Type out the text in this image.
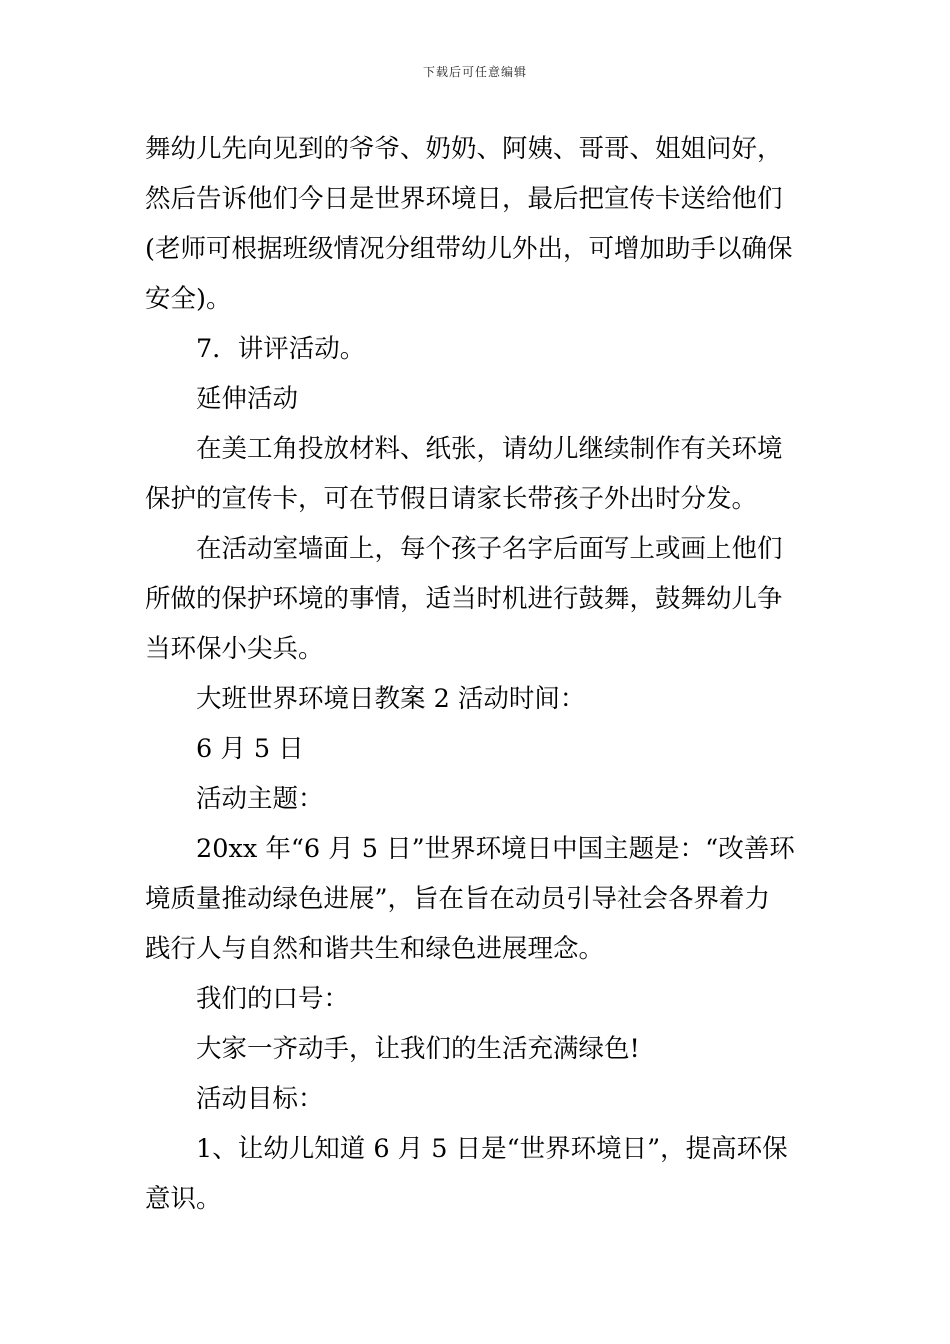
下载后可任意编辑
舞幼儿先向见到的爷爷、奶奶、阿姨、哥哥、姐姐问好，
然后告诉他们今日是世界环境日，最后把宣传卡送给他们
(老师可根据班级情况分组带幼儿外出，可增加助手以确保
安全)。
7．讲评活动。
延伸活动
在美工角投放材料、纸张，请幼儿继续制作有关环境
保护的宣传卡，可在节假日请家长带孩子外出时分发。
在活动室墙面上，每个孩子名字后面写上或画上他们
所做的保护环境的事情，适当时机进行鼓舞，鼓舞幼儿争
当环保小尖兵。
大班世界环境日教案 2 活动时间：
6 月 5 日
活动主题：
20xx 年“6 月 5 日”世界环境日中国主题是：“改善环
境质量推动绿色进展”，旨在旨在动员引导社会各界着力
践行人与自然和谐共生和绿色进展理念。
我们的口号：
大家一齐动手，让我们的生活充满绿色!
活动目标：
1、让幼儿知道 6 月 5 日是“世界环境日”，提高环保
意识。
